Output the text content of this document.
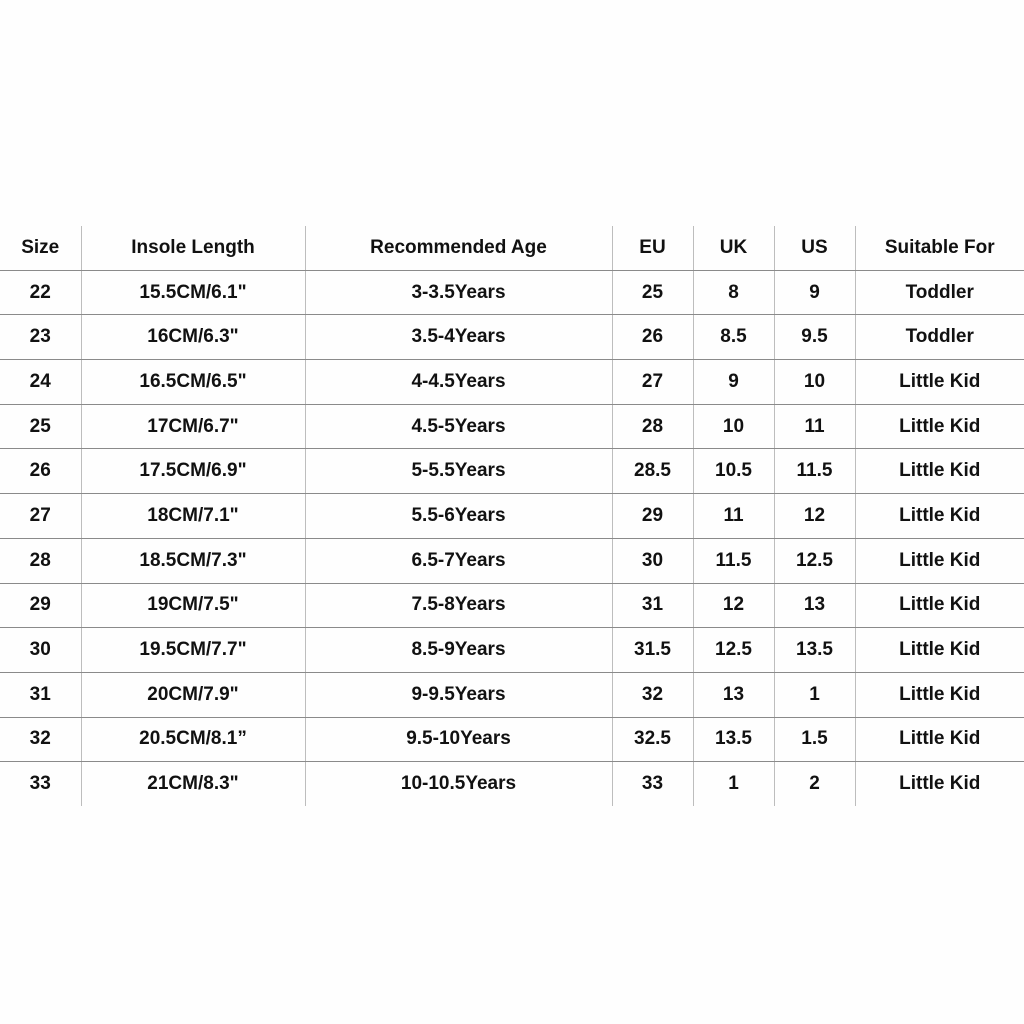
Size	Insole Length	Recommended Age	EU	UK	US	Suitable For
22	15.5CM/6.1"	3-3.5Years	25	8	9	Toddler
23	16CM/6.3"	3.5-4Years	26	8.5	9.5	Toddler
24	16.5CM/6.5"	4-4.5Years	27	9	10	Little Kid
25	17CM/6.7"	4.5-5Years	28	10	11	Little Kid
26	17.5CM/6.9"	5-5.5Years	28.5	10.5	11.5	Little Kid
27	18CM/7.1"	5.5-6Years	29	11	12	Little Kid
28	18.5CM/7.3"	6.5-7Years	30	11.5	12.5	Little Kid
29	19CM/7.5"	7.5-8Years	31	12	13	Little Kid
30	19.5CM/7.7"	8.5-9Years	31.5	12.5	13.5	Little Kid
31	20CM/7.9"	9-9.5Years	32	13	1	Little Kid
32	20.5CM/8.1”	9.5-10Years	32.5	13.5	1.5	Little Kid
33	21CM/8.3"	10-10.5Years	33	1	2	Little Kid
